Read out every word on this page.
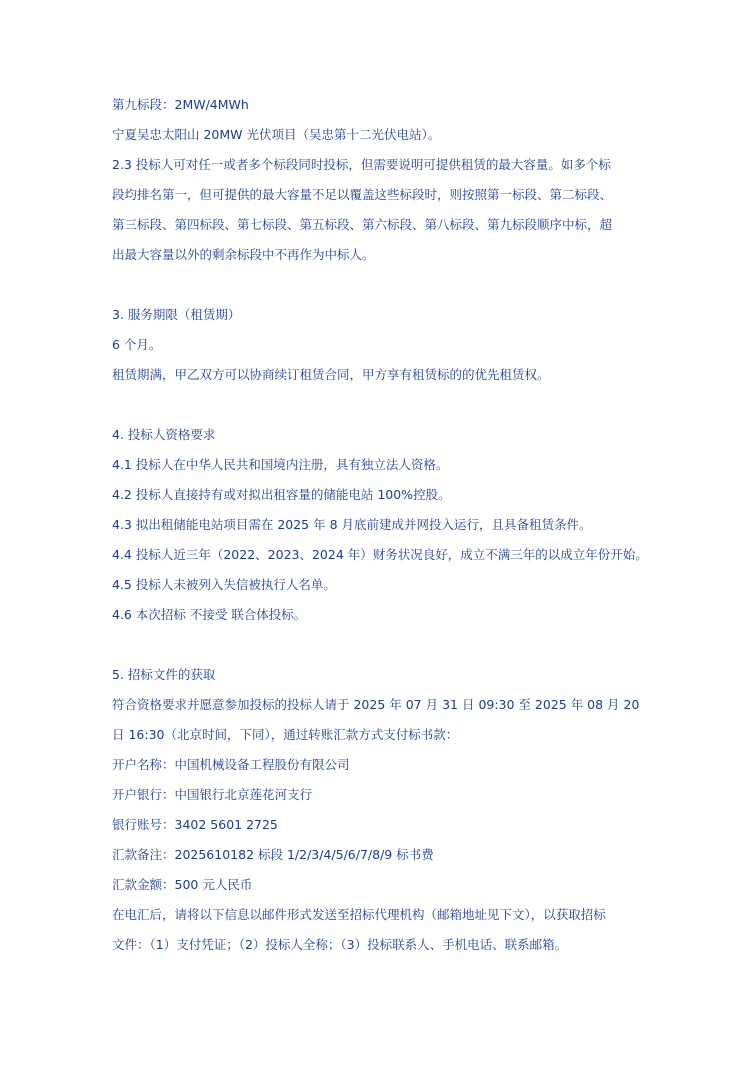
第九标段：2MW/4MWh
宁夏吴忠太阳山 20MW 光伏项目（吴忠第十二光伏电站）。
2.3 投标人可对任一或者多个标段同时投标，但需要说明可提供租赁的最大容量。如多个标
段均排名第一，但可提供的最大容量不足以覆盖这些标段时，则按照第一标段、第二标段、
第三标段、第四标段、第七标段、第五标段、第六标段、第八标段、第九标段顺序中标，超
出最大容量以外的剩余标段中不再作为中标人。
3. 服务期限（租赁期）
6 个月。
租赁期满，甲乙双方可以协商续订租赁合同，甲方享有租赁标的的优先租赁权。
4. 投标人资格要求
4.1 投标人在中华人民共和国境内注册，具有独立法人资格。
4.2 投标人直接持有或对拟出租容量的储能电站 100%控股。
4.3 拟出租储能电站项目需在 2025 年 8 月底前建成并网投入运行，且具备租赁条件。
4.4 投标人近三年（2022、2023、2024 年）财务状况良好，成立不满三年的以成立年份开始。
4.5 投标人未被列入失信被执行人名单。
4.6 本次招标 不接受 联合体投标。
5. 招标文件的获取
符合资格要求并愿意参加投标的投标人请于 2025 年 07 月 31 日 09:30 至 2025 年 08 月 20
日 16:30（北京时间，下同），通过转账汇款方式支付标书款：
开户名称：中国机械设备工程股份有限公司
开户银行：中国银行北京莲花河支行
银行账号：3402 5601 2725
汇款备注：2025610182 标段 1/2/3/4/5/6/7/8/9 标书费
汇款金额：500 元人民币
在电汇后，请将以下信息以邮件形式发送至招标代理机构（邮箱地址见下文），以获取招标
文件：（1）支付凭证；（2）投标人全称；（3）投标联系人、手机电话、联系邮箱。
